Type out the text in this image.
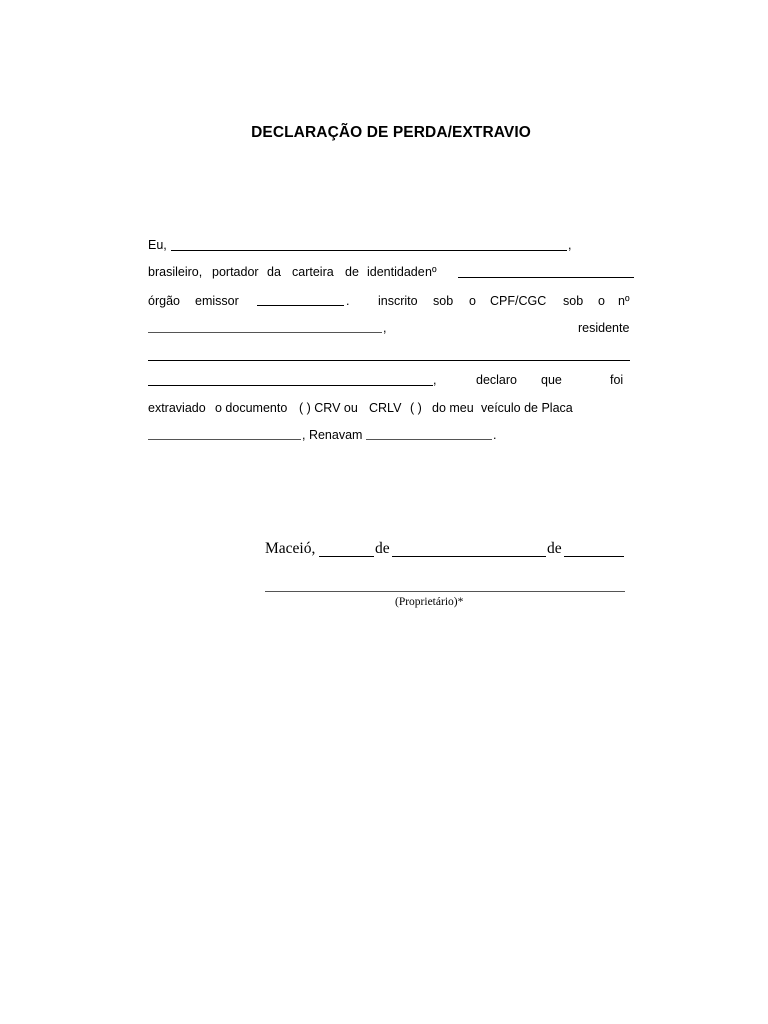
DECLARAÇÃO DE PERDA/EXTRAVIO
Eu,	,
brasileiro, portador da carteira de identidade nº
órgão emissor	. inscrito sob o CPF/CGC sob o nº
,	residente
,	declaro que	foi
extraviado o documento ( ) CRV ou CRLV ( ) do meu veículo de Placa
, Renavam	.
Maceió,	de	de
(Proprietário)*
